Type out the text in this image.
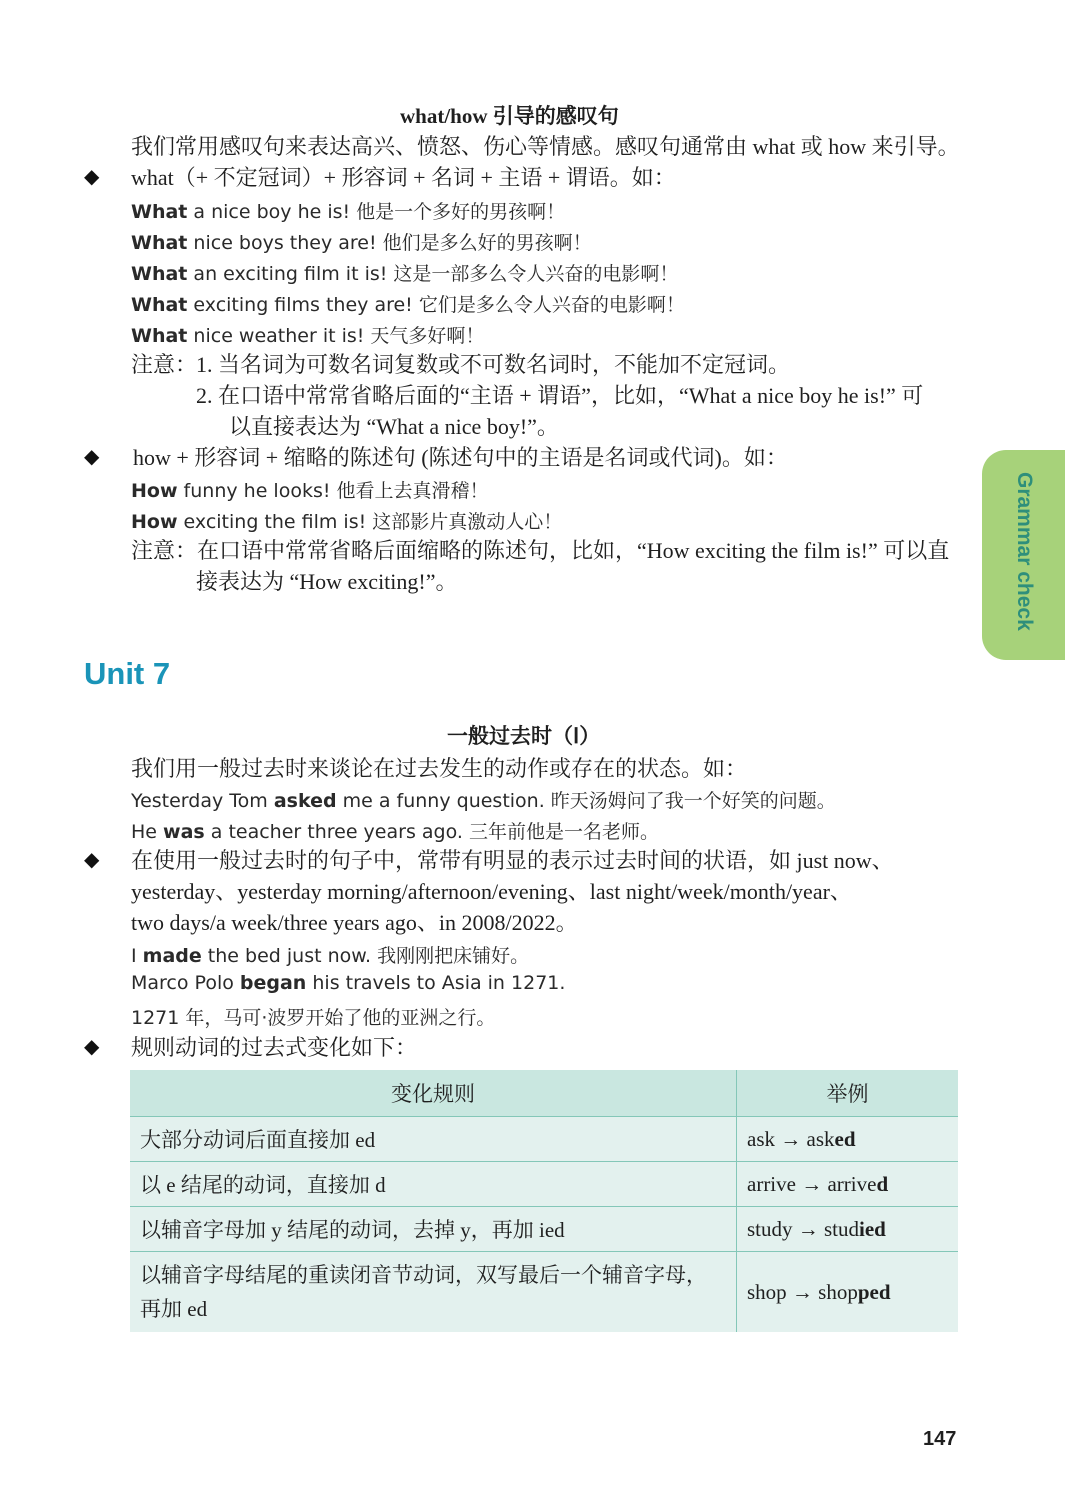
what/how 引导的感叹句
我们常用感叹句来表达高兴、愤怒、伤心等情感。感叹句通常由 what 或 how 来引导。
◆ what（+ 不定冠词）+ 形容词 + 名词 + 主语 + 谓语。如：
What a nice boy he is! 他是一个多好的男孩啊！
What nice boys they are! 他们是多么好的男孩啊！
What an exciting film it is! 这是一部多么令人兴奋的电影啊！
What exciting films they are! 它们是多么令人兴奋的电影啊！
What nice weather it is! 天气多好啊！
注意：
1. 当名词为可数名词复数或不可数名词时，不能加不定冠词。
2. 在口语中常常省略后面的“主语 + 谓语”，比如，“What a nice boy he is!” 可
以直接表达为 “What a nice boy!”。
◆ how + 形容词 + 缩略的陈述句 (陈述句中的主语是名词或代词)。如：
How funny he looks! 他看上去真滑稽！
How exciting the film is! 这部影片真激动人心！
注意：在口语中常常省略后面缩略的陈述句，比如，“How exciting the film is!” 可以直
接表达为 “How exciting!”。	Grammar check
Unit 7
一般过去时（Ⅰ）
我们用一般过去时来谈论在过去发生的动作或存在的状态。如：
Yesterday Tom asked me a funny question. 昨天汤姆问了我一个好笑的问题。
He was a teacher three years ago. 三年前他是一名老师。
◆ 在使用一般过去时的句子中，常带有明显的表示过去时间的状语，如 just now、
yesterday、yesterday morning/afternoon/evening、last night/week/month/year、
two days/a week/three years ago、in 2008/2022。
I made the bed just now. 我刚刚把床铺好。
Marco Polo began his travels to Asia in 1271.
1271 年，马可·波罗开始了他的亚洲之行。
◆ 规则动词的过去式变化如下：
变化规则	举例
大部分动词后面直接加 ed	ask → asked
以 e 结尾的动词，直接加 d	arrive → arrived
以辅音字母加 y 结尾的动词，去掉 y，再加 ied	study → studied
以辅音字母结尾的重读闭音节动词，双写最后一个辅音字母，
再加 ed	shop → shopped
147
